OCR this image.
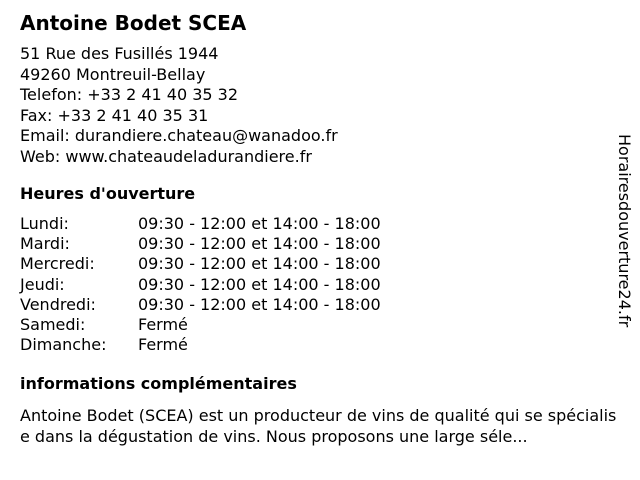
Antoine Bodet SCEA
51 Rue des Fusillés 1944
49260 Montreuil-Bellay
Telefon: +33 2 41 40 35 32
Fax: +33 2 41 40 35 31
Email: durandiere.chateau@wanadoo.fr
Web: www.chateaudeladurandiere.fr
Heures d'ouverture
Lundi:	09:30 - 12:00 et 14:00 - 18:00
Mardi:	09:30 - 12:00 et 14:00 - 18:00
Mercredi:	09:30 - 12:00 et 14:00 - 18:00
Jeudi:	09:30 - 12:00 et 14:00 - 18:00
Vendredi:	09:30 - 12:00 et 14:00 - 18:00
Samedi:	Fermé
Dimanche:	Fermé
informations complémentaires
Antoine Bodet (SCEA) est un producteur de vins de qualité qui se spécialise dans la dégustation de vins. Nous proposons une large séle...
Horairesdouverture24.fr
